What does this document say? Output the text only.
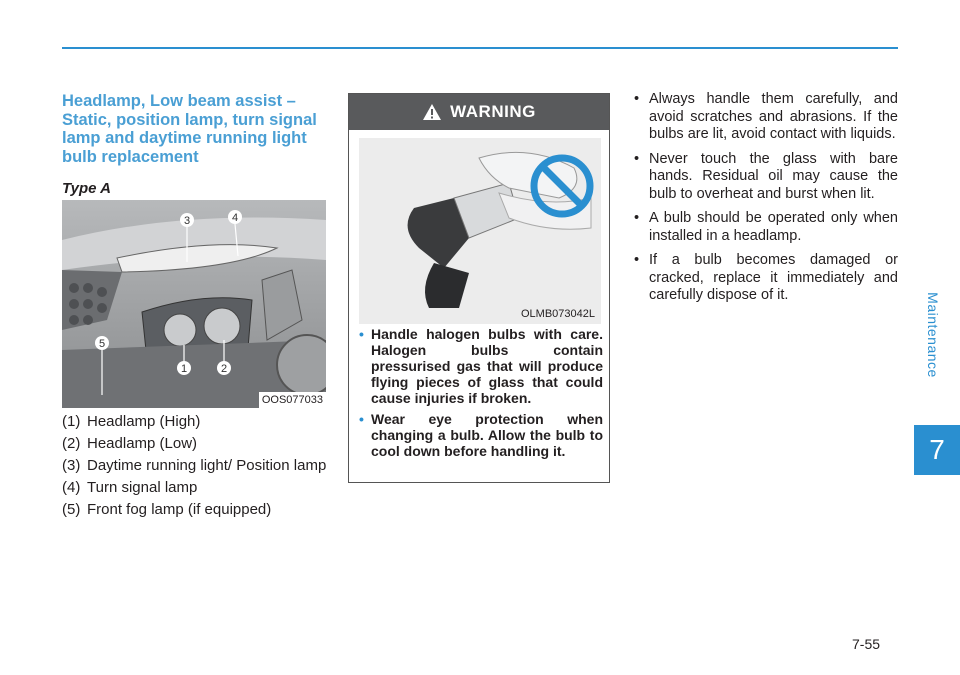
Maintenance
7
Headlamp, Low beam assist – Static, position lamp, turn signal lamp and daytime running light bulb replacement

Type A

3	4
5
1	2
OOS077033
(1) Headlamp (High)
(2) Headlamp (Low)
(3) Daytime running light/ Position lamp
(4) Turn signal lamp
(5) Front fog lamp (if equipped)
WARNING
OLMB073042L
• Handle halogen bulbs with care. Halogen bulbs contain pressurised gas that will produce flying pieces of glass that could cause injuries if broken.
• Wear eye protection when changing a bulb. Allow the bulb to cool down before handling it.
• Always handle them carefully, and avoid scratches and abrasions. If the bulbs are lit, avoid contact with liquids.
• Never touch the glass with bare hands. Residual oil may cause the bulb to overheat and burst when lit.
• A bulb should be operated only when installed in a headlamp.
• If a bulb becomes damaged or cracked, replace it immediately and carefully dispose of it.
7-55
